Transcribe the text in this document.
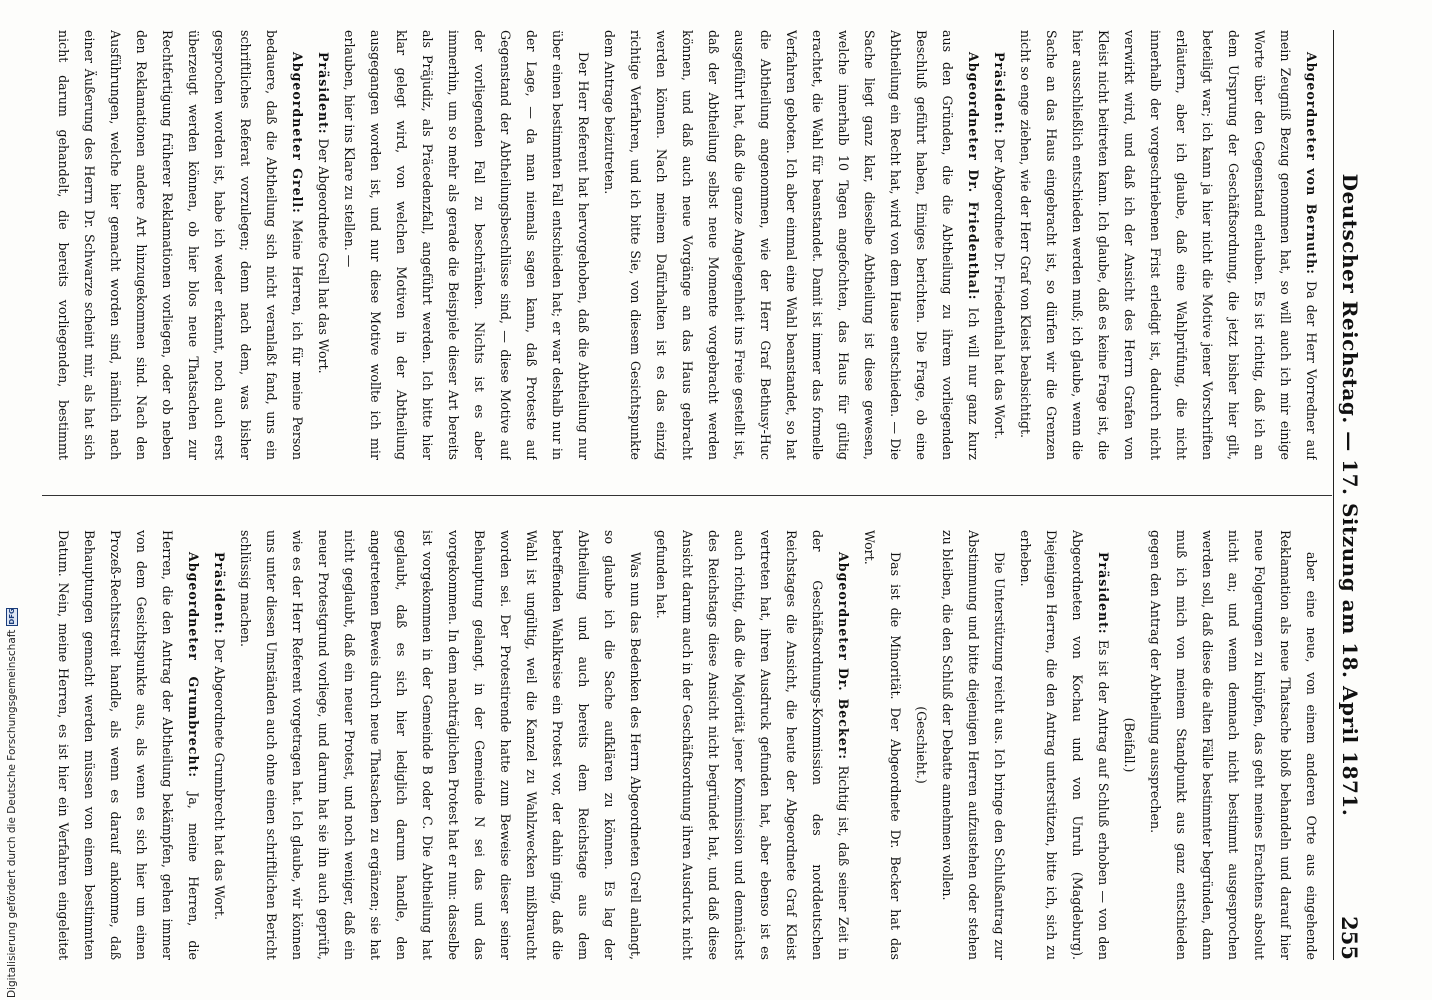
Deutscher Reichstag. — 17. Sitzung am 18. April 1871.
255

Abgeordneter von Bernuth: Da der Herr Vorredner auf mein Zeugniß Bezug genommen hat, so will auch ich mir einige Worte über den Gegenstand erlauben. Es ist richtig, daß ich an dem Ursprung der Geschäftsordnung, die jetzt bisher hier gilt, beteiligt war; ich kann ja hier nicht die Motive jener Vorschriften erläutern, aber ich glaube, daß eine Wahlprüfung, die nicht innerhalb der vorgeschriebenen Frist erledigt ist, dadurch nicht verwirkt wird, und daß ich der Ansicht des Herrn Grafen von Kleist nicht beitreten kann. Ich glaube, daß es keine Frage ist, die hier ausschließlich entschieden werden muß; ich glaube, wenn die Sache an das Haus eingebracht ist, so dürfen wir die Grenzen nicht so enge ziehen, wie der Herr Graf von Kleist beabsichtigt.

Präsident: Der Abgeordnete Dr. Friedenthal hat das Wort.

Abgeordneter Dr. Friedenthal: Ich will nur ganz kurz aus den Gründen, die die Abtheilung zu ihrem vorliegenden Beschluß geführt haben, Einiges berichten. Die Frage, ob eine Abtheilung ein Recht hat, wird von dem Hause entschieden. — Die Sache liegt ganz klar, dieselbe Abtheilung ist diese gewesen, welche innerhalb 10 Tagen angefochten, das Haus für gültig erachtet, die Wahl für beanstandet. Damit ist immer das formelle Verfahren geboten. Ich aber einmal eine Wahl beanstandet, so hat die Abtheilung angenommen, wie der Herr Graf Bethusy-Huc ausgeführt hat, daß die ganze Angelegenheit ins Freie gestellt ist, daß der Abtheilung selbst neue Momente vorgebracht werden können, und daß auch neue Vorgänge an das Haus gebracht werden können. Nach meinem Dafürhalten ist es das einzig richtige Verfahren, und ich bitte Sie, von diesem Gesichtspunkte dem Antrage beizutreten.

Der Herr Referent hat hervorgehoben, daß die Abtheilung nur über einen bestimmten Fall entschieden hat; er war deshalb nur in der Lage, — da man niemals sagen kann, daß Proteste auf Gegenstand der Abtheilungsbeschlüsse sind, — diese Motive auf der vorliegenden Fall zu beschränken. Nichts ist es aber immerhin, um so mehr als gerade die Beispiele dieser Art bereits als Präjudiz, als Präcedenzfall, angeführt werden. Ich bitte hier klar gelegt wird, von welchen Motiven in der Abtheilung ausgegangen worden ist, und nur diese Motive wollte ich mir erlauben, hier ins Klare zu stellen. —

Präsident: Der Abgeordnete Grell hat das Wort.

Abgeordneter Grell: Meine Herren, ich für meine Person bedauere, daß die Abtheilung sich nicht veranlaßt fand, uns ein schriftliches Referat vorzulegen; denn nach dem, was bisher gesprochen worden ist, habe ich weder erkannt, noch auch erst überzeugt werden können, ob hier blos neue Thatsachen zur Rechtfertigung früherer Reklamationen vorliegen, oder ob neben den Reklamationen andere Art hinzugekommen sind. Nach den Ausführungen, welche hier gemacht worden sind, nämlich nach einer Äußerung des Herrn Dr. Schwarze scheint mir, als hat sich nicht darum gehandelt, die bereits vorliegenden, bestimmt

aber eine neue, von einem anderen Orte aus eingehende Reklamation als neue Thatsache bloß behandeln und darauf hier neue Folgerungen zu knüpfen, das geht meines Erachtens absolut nicht an; und wenn demnach nicht bestimmt ausgesprochen werden soll, daß diese die alten Fälle bestimmter begründen, dann muß ich mich von meinem Standpunkt aus ganz entschieden gegen den Antrag der Abtheilung aussprechen.

(Beifall.)

Präsident: Es ist der Antrag auf Schluß erhoben — von den Abgeordneten von Kochau und von Unruh (Magdeburg). Diejenigen Herren, die den Antrag unterstützen, bitte ich, sich zu erheben.

Die Unterstützung reicht aus. Ich bringe den Schlußantrag zur Abstimmung und bitte diejenigen Herren aufzustehen oder stehen zu bleiben, die den Schluß der Debatte annehmen wollen.

(Geschieht.)

Das ist die Minorität. Der Abgeordnete Dr. Becker hat das Wort.

Abgeordneter Dr. Becker: Richtig ist, daß seiner Zeit in der Geschäftsordnungs-Kommission des norddeutschen Reichstages die Ansicht, die heute der Abgeordnete Graf Kleist vertreten hat, ihren Ausdruck gefunden hat, aber ebenso ist es auch richtig, daß die Majorität jener Kommission und demnächst des Reichstags diese Ansicht nicht begründet hat, und daß diese Ansicht darum auch in der Geschäftsordnung ihren Ausdruck nicht gefunden hat.

Was nun das Bedenken des Herrn Abgeordneten Grell anlangt, so glaube ich die Sache aufklären zu können. Es lag der Abtheilung und auch bereits dem Reichstage aus dem betreffenden Wahlkreise ein Protest vor, der dahin ging, daß die Wahl ist ungültig, weil die Kanzel zu Wahlzwecken mißbraucht worden sei. Der Protestirende hatte zum Beweise dieser seiner Behauptung gelangt, in der Gemeinde N sei das und das vorgekommen. In dem nachträglichen Protest hat er nun: dasselbe ist vorgekommen in der Gemeinde B oder C. Die Abtheilung hat geglaubt, daß es sich hier lediglich darum handle, den angetretenen Beweis durch neue Thatsachen zu ergänzen; sie hat nicht geglaubt, daß ein neuer Protest, und noch weniger, daß ein neuer Protestgrund vorliege, und darum hat sie ihn auch geprüft, wie es der Herr Referent vorgetragen hat. Ich glaube, wir können uns unter diesen Umständen auch ohne einen schriftlichen Bericht schlüssig machen.

Präsident: Der Abgeordnete Grumbrecht hat das Wort.

Abgeordneter Grumbrecht: Ja, meine Herren, die Herren, die den Antrag der Abtheilung bekämpfen, gehen immer von dem Gesichtspunkte aus, als wenn es sich hier um einen Prozeß-Rechtsstreit handle, als wenn es darauf ankomme, daß Behauptungen gemacht werden müssen von einem bestimmten Datum. Nein, meine Herren, es ist hier ein Verfahren eingeleitet

Digitalisierung gefördert durch die Deutsche Forschungsgemeinschaft
DFG
